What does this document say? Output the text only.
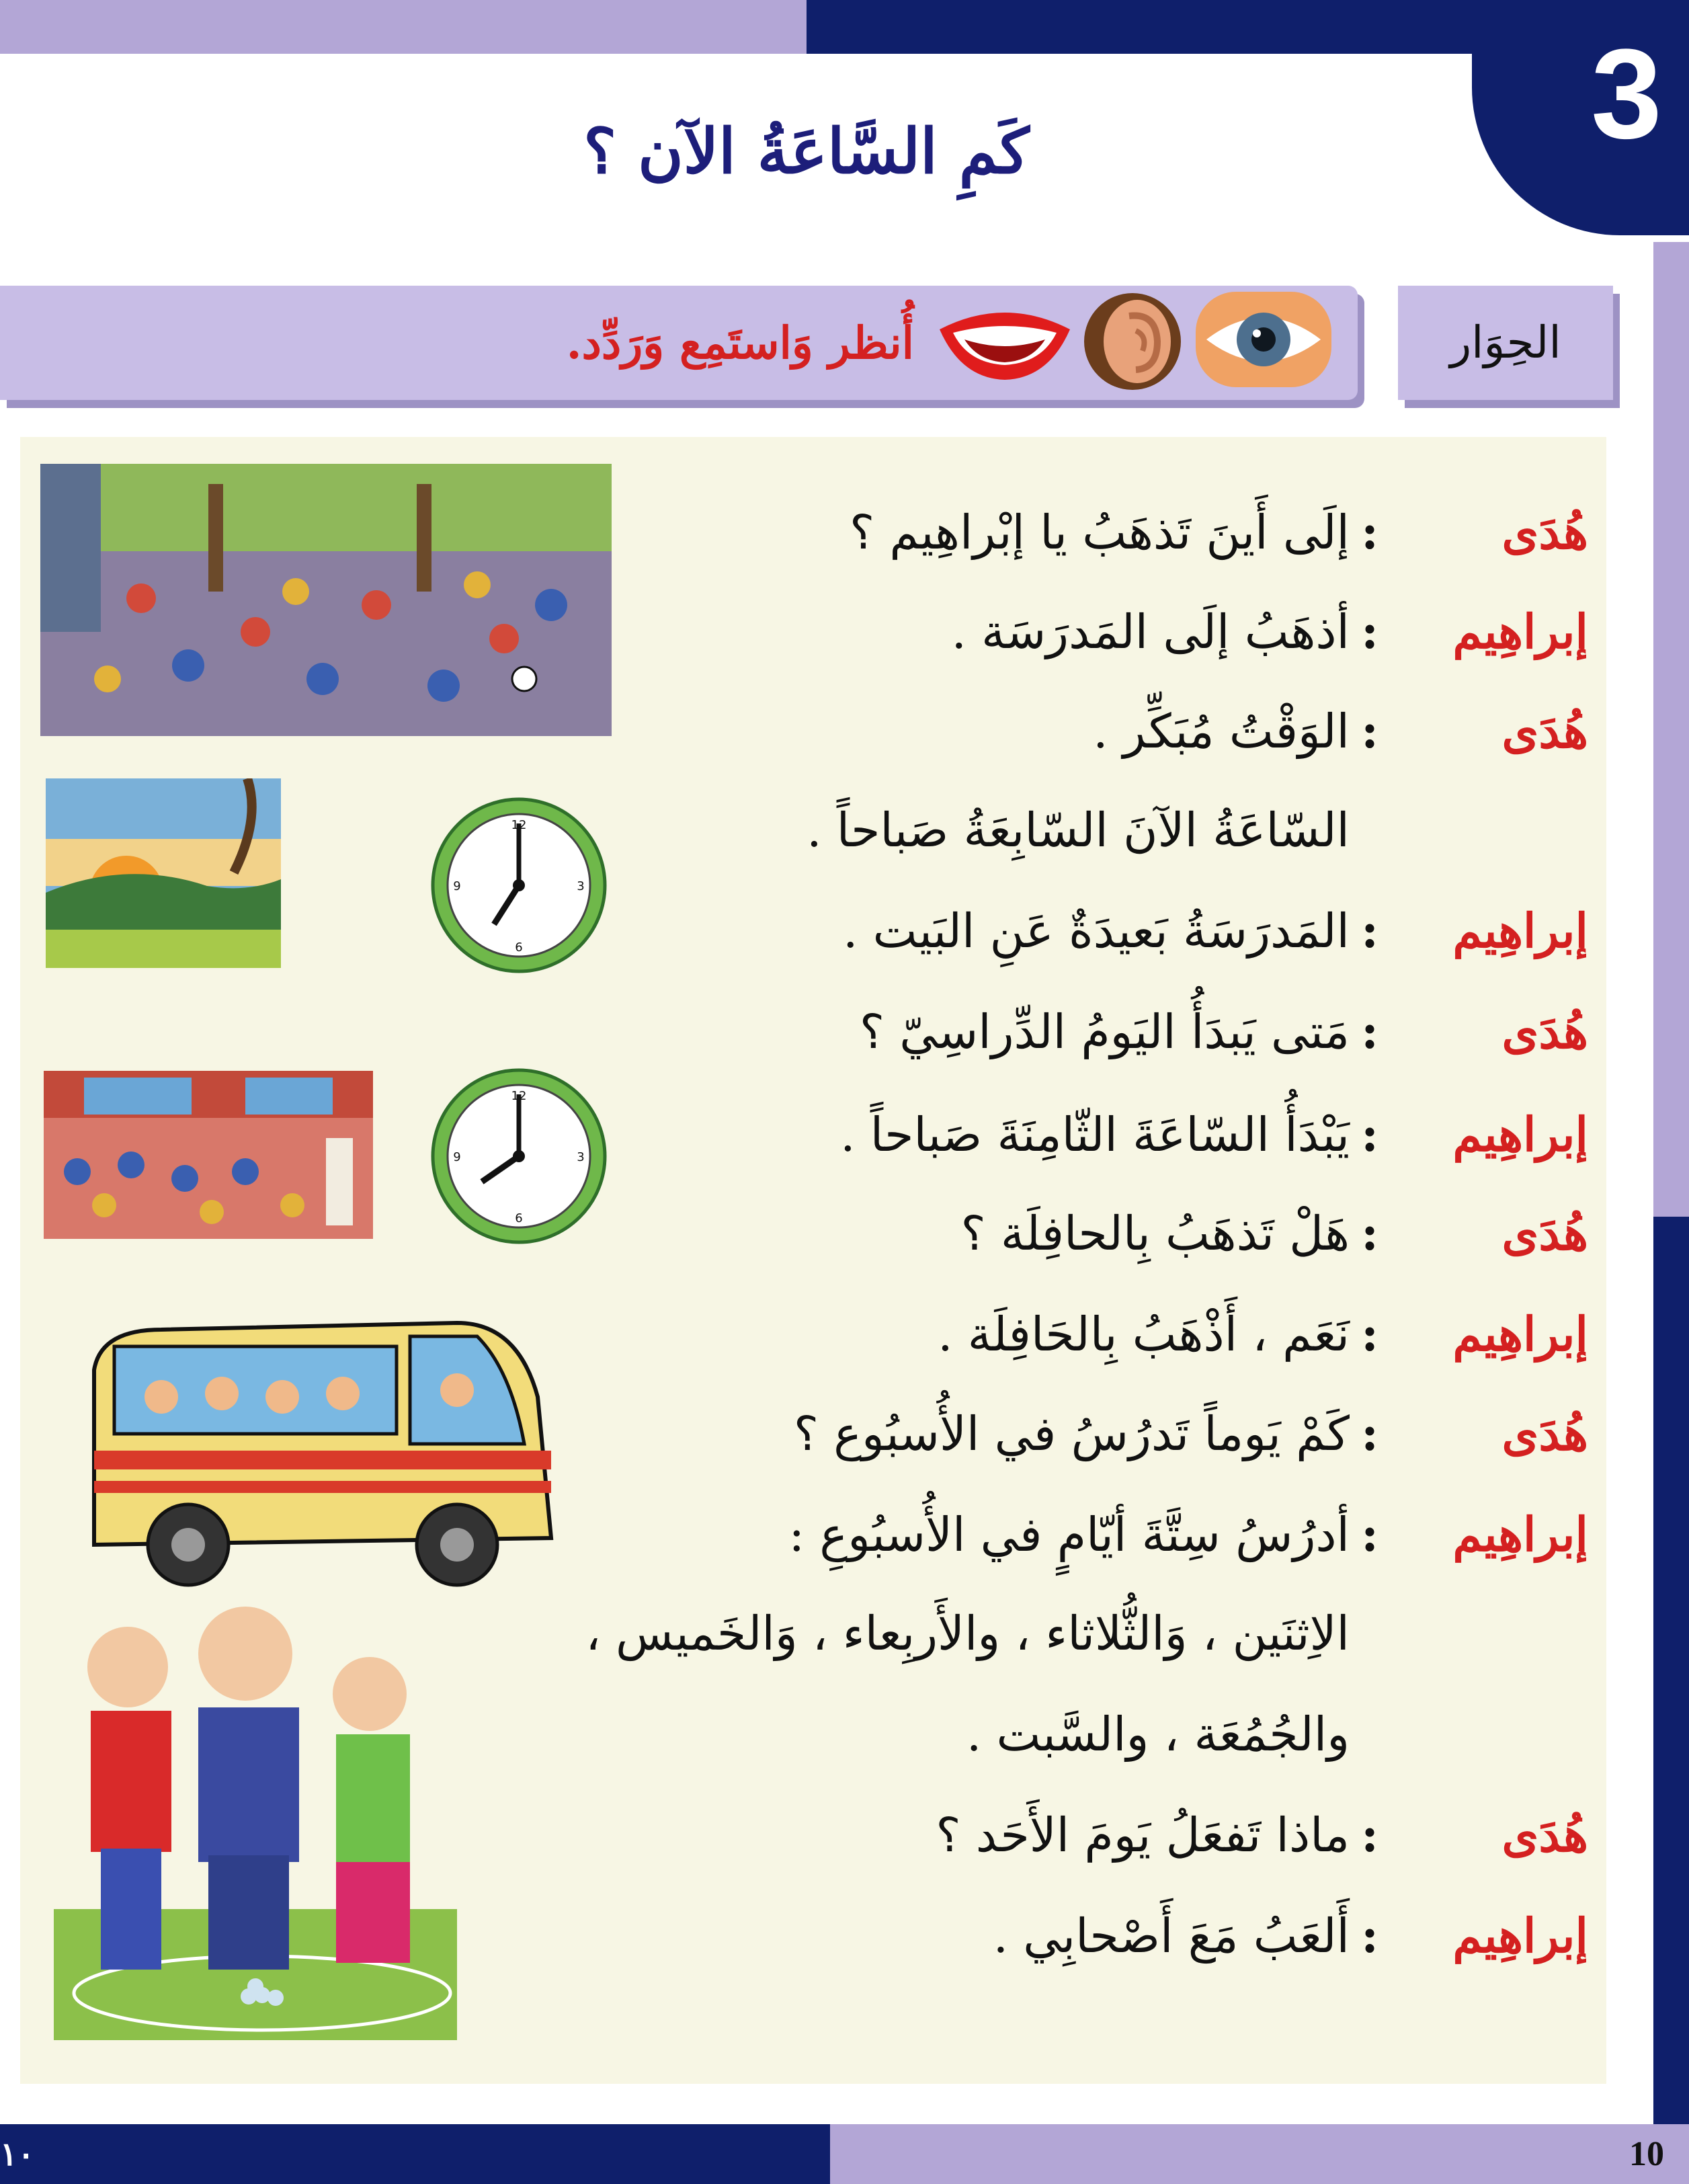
3
كَمِ السَّاعَةُ الآن ؟
أُنظر وَاستَمِع وَرَدِّد.	الحِوَار
12
3
6
9
12
3
6
9
هُدَى
:
إلَى أَينَ تَذهَبُ يا إبْراهِيم ؟
إبراهِيم
:
أذهَبُ إلَى المَدرَسَة .
هُدَى
:
الوَقْتُ مُبَكِّر .
السّاعَةُ الآنَ السّابِعَةُ صَباحاً .
إبراهِيم
:
المَدرَسَةُ بَعيدَةٌ عَنِ البَيت .
هُدَى
:
مَتى يَبدَأُ اليَومُ الدِّراسِيّ ؟
إبراهِيم
:
يَبْدَأُ السّاعَةَ الثّامِنَةَ صَباحاً .
هُدَى
:
هَلْ تَذهَبُ بِالحافِلَة ؟
إبراهِيم
:
نَعَم ، أَذْهَبُ بِالحَافِلَة .
هُدَى
:
كَمْ يَوماً تَدرُسُ في الأُسبُوع ؟
إبراهِيم
:
أدرُسُ سِتَّةَ أيّامٍ في الأُسبُوعِ :
الاِثنَين ، وَالثُّلاثاء ، والأَربِعاء ، وَالخَميس ،
والجُمُعَة ، والسَّبت .
هُدَى
:
ماذا تَفعَلُ يَومَ الأَحَد ؟
إبراهِيم
:
أَلعَبُ مَعَ أَصْحابِي .
١٠	10
